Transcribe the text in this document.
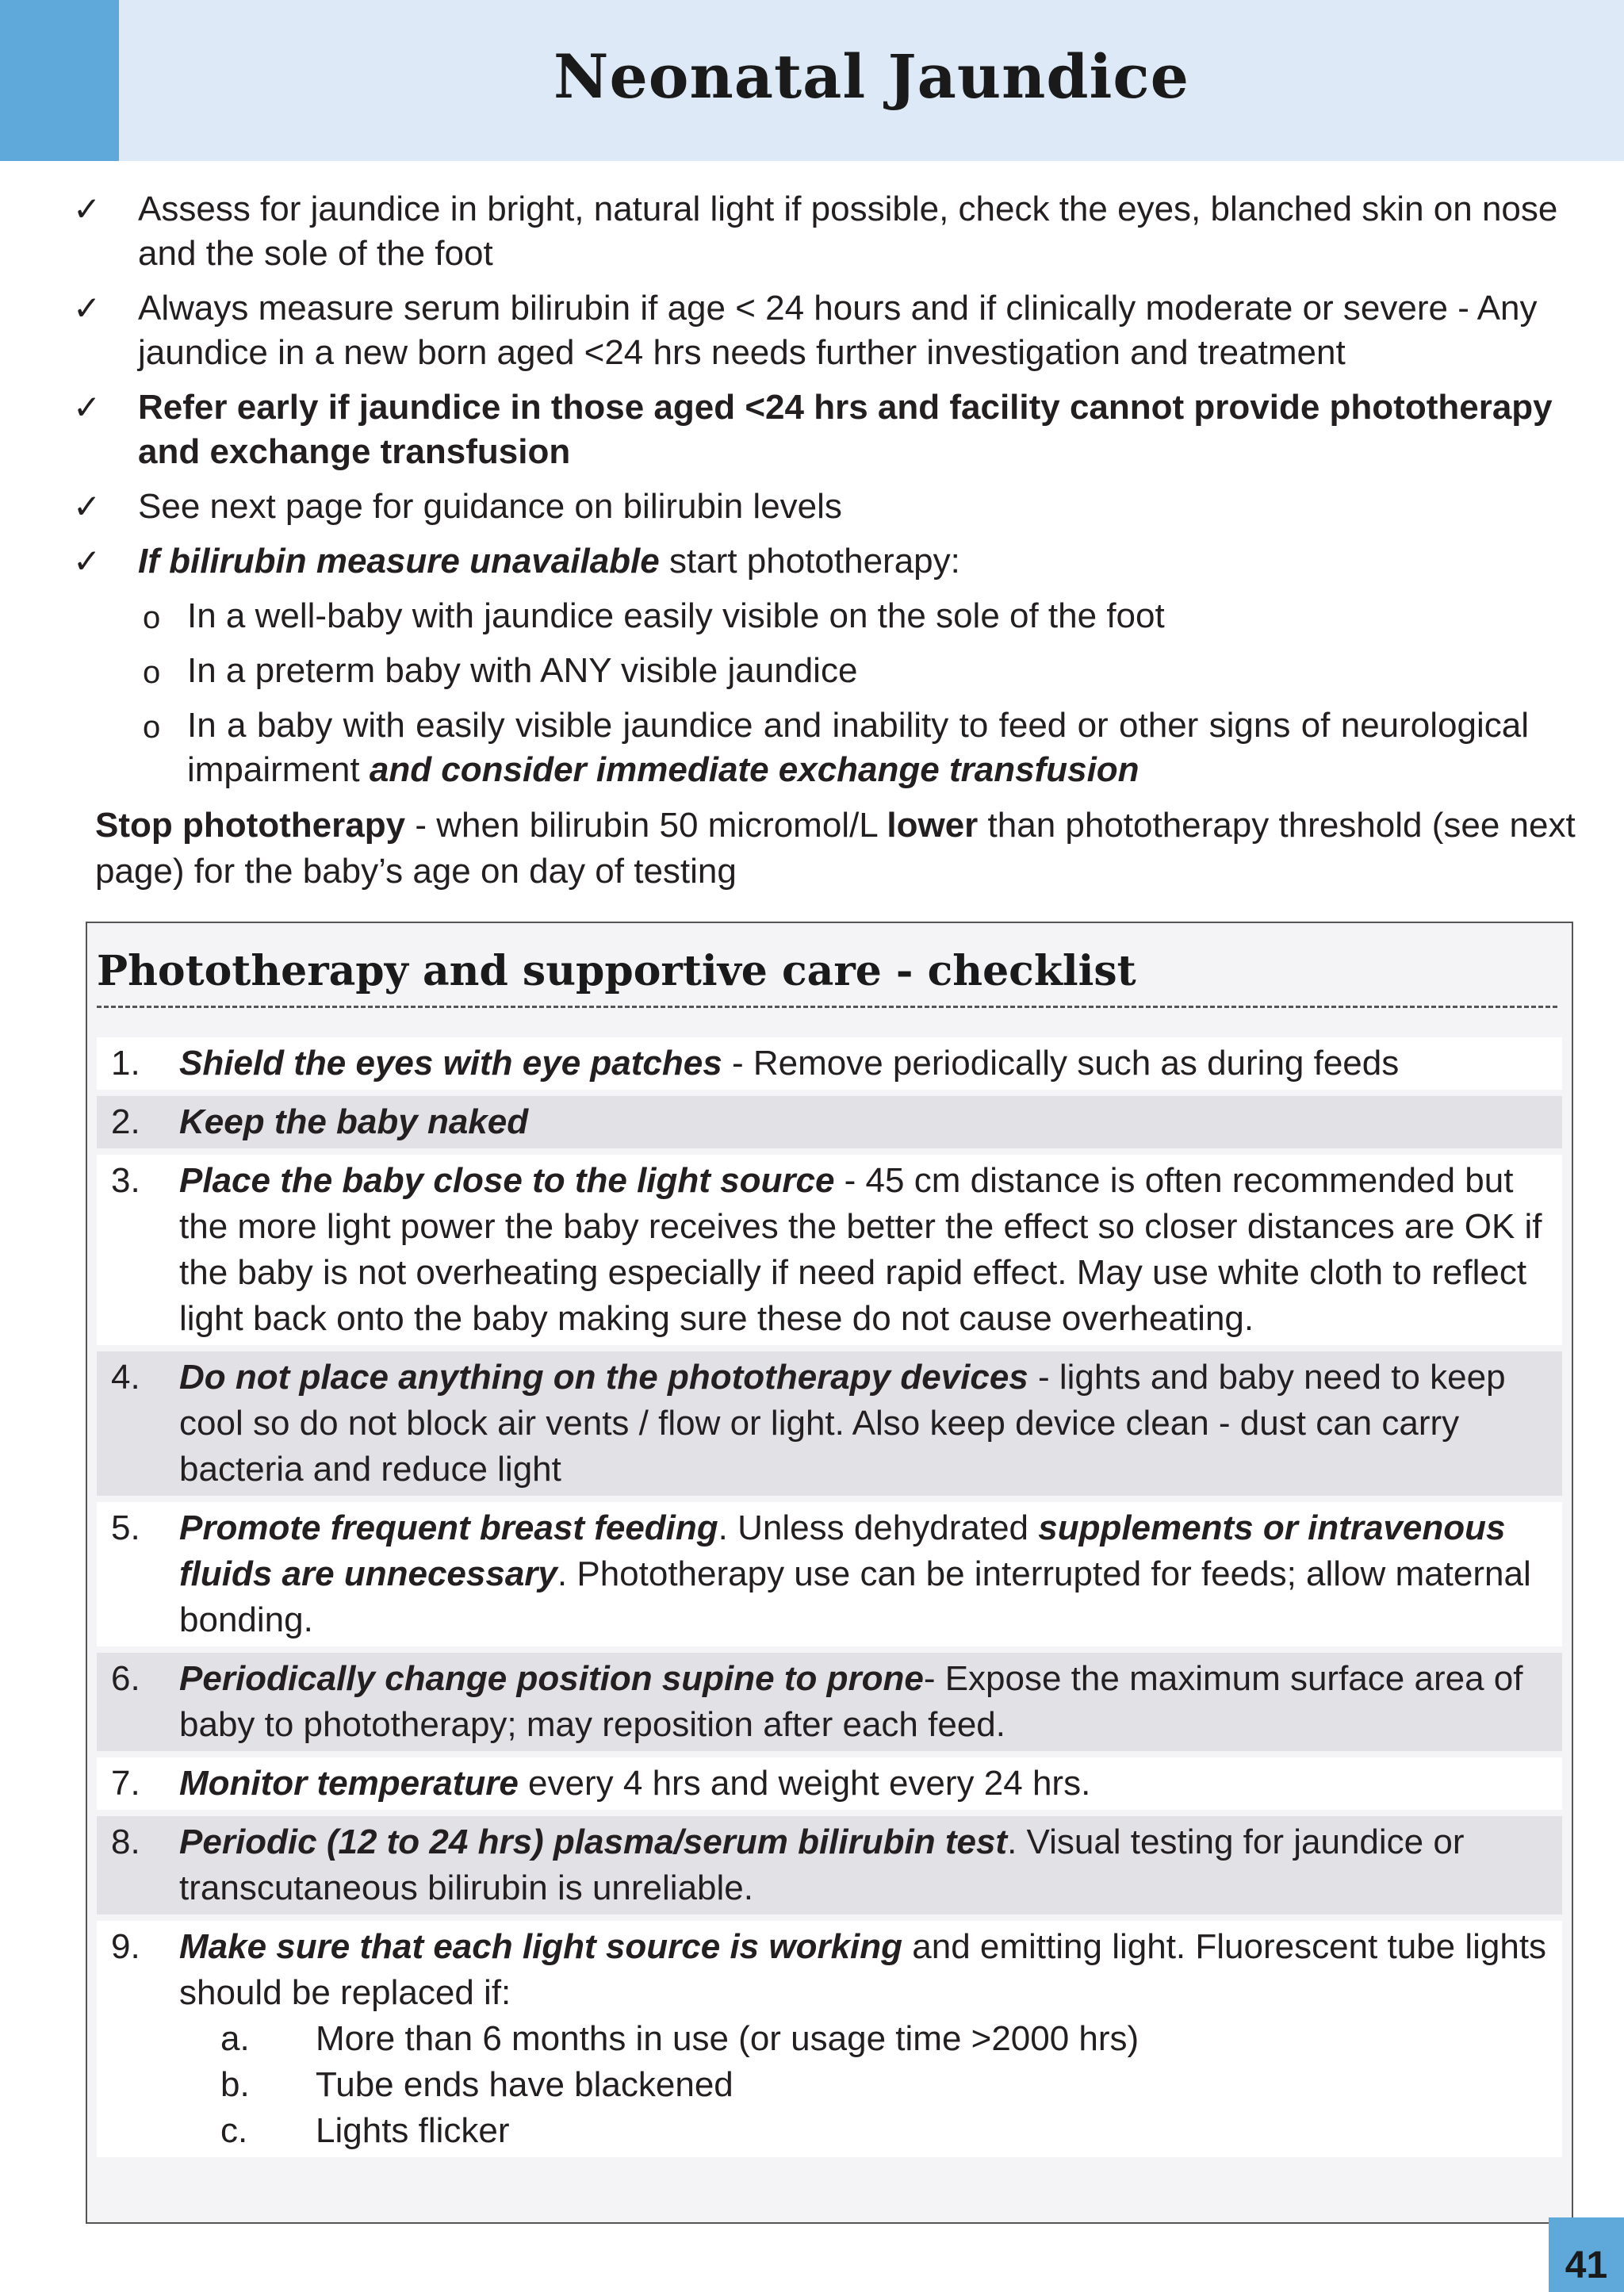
Neonatal Jaundice
✓ Assess for jaundice in bright, natural light if possible, check the eyes, blanched skin on nose and the sole of the foot
✓ Always measure serum bilirubin if age < 24 hours and if clinically moderate or severe - Any jaundice in a new born aged <24 hrs needs further investigation and treatment
✓ Refer early if jaundice in those aged <24 hrs and facility cannot provide phototherapy and exchange transfusion
✓ See next page for guidance on bilirubin levels
✓ If bilirubin measure unavailable start phototherapy:
o In a well-baby with jaundice easily visible on the sole of the foot
o In a preterm baby with ANY visible jaundice
o In a baby with easily visible jaundice and inability to feed or other signs of neurological impairment and consider immediate exchange transfusion
Stop phototherapy - when bilirubin 50 micromol/L lower than phototherapy threshold (see next page) for the baby’s age on day of testing
Phototherapy and supportive care - checklist
1. Shield the eyes with eye patches - Remove periodically such as during feeds
2. Keep the baby naked
3. Place the baby close to the light source - 45 cm distance is often recommended but the more light power the baby receives the better the effect so closer distances are OK if the baby is not overheating especially if need rapid effect. May use white cloth to reflect light back onto the baby making sure these do not cause overheating.
4. Do not place anything on the phototherapy devices - lights and baby need to keep cool so do not block air vents / flow or light. Also keep device clean - dust can carry bacteria and reduce light
5. Promote frequent breast feeding. Unless dehydrated supplements or intravenous fluids are unnecessary. Phototherapy use can be interrupted for feeds; allow maternal bonding.
6. Periodically change position supine to prone- Expose the maximum surface area of baby to phototherapy; may reposition after each feed.
7. Monitor temperature every 4 hrs and weight every 24 hrs.
8. Periodic (12 to 24 hrs) plasma/serum bilirubin test. Visual testing for jaundice or transcutaneous bilirubin is unreliable.
9. Make sure that each light source is working and emitting light. Fluorescent tube lights should be replaced if:
a. More than 6 months in use (or usage time >2000 hrs)
b. Tube ends have blackened
c. Lights flicker
41
